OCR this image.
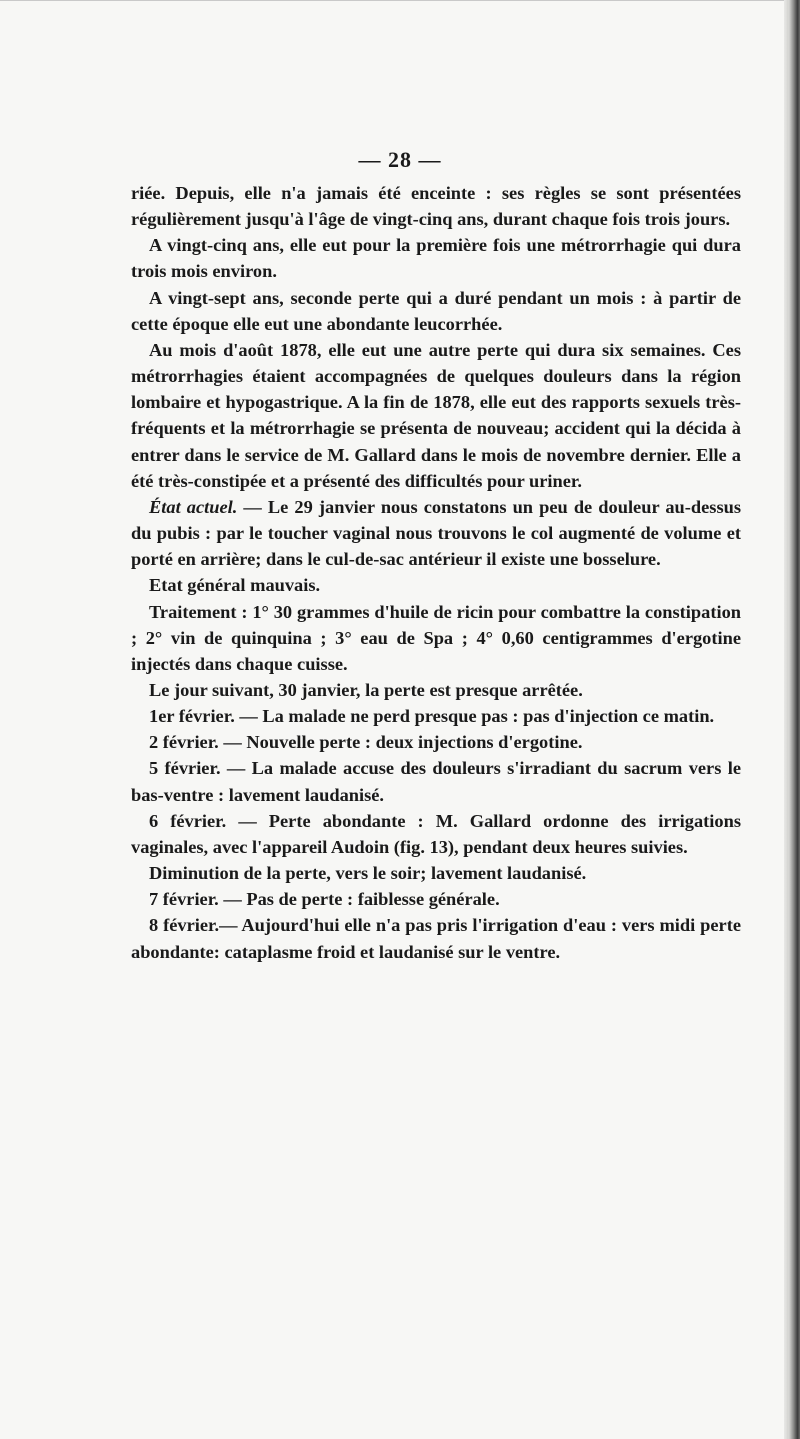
— 28 —

riée. Depuis, elle n'a jamais été enceinte : ses règles se sont présentées régulièrement jusqu'à l'âge de vingt-cinq ans, durant chaque fois trois jours.

A vingt-cinq ans, elle eut pour la première fois une métrorrhagie qui dura trois mois environ.

A vingt-sept ans, seconde perte qui a duré pendant un mois : à partir de cette époque elle eut une abondante leucorrhée.

Au mois d'août 1878, elle eut une autre perte qui dura six semaines. Ces métrorrhagies étaient accompagnées de quelques douleurs dans la région lombaire et hypogastrique. A la fin de 1878, elle eut des rapports sexuels très-fréquents et la métrorrhagie se présenta de nouveau; accident qui la décida à entrer dans le service de M. Gallard dans le mois de novembre dernier. Elle a été très-constipée et a présenté des difficultés pour uriner.

État actuel. — Le 29 janvier nous constatons un peu de douleur au-dessus du pubis : par le toucher vaginal nous trouvons le col augmenté de volume et porté en arrière; dans le cul-de-sac antérieur il existe une bosselure.

Etat général mauvais.

Traitement : 1° 30 grammes d'huile de ricin pour combattre la constipation ; 2° vin de quinquina ; 3° eau de Spa ; 4° 0,60 centigrammes d'ergotine injectés dans chaque cuisse.

Le jour suivant, 30 janvier, la perte est presque arrêtée.

1er février. — La malade ne perd presque pas : pas d'injection ce matin.

2 février. — Nouvelle perte : deux injections d'ergotine.

5 février. — La malade accuse des douleurs s'irradiant du sacrum vers le bas-ventre : lavement laudanisé.

6 février. — Perte abondante : M. Gallard ordonne des irrigations vaginales, avec l'appareil Audoin (fig. 13), pendant deux heures suivies.

Diminution de la perte, vers le soir; lavement laudanisé.

7 février. — Pas de perte : faiblesse générale.

8 février.— Aujourd'hui elle n'a pas pris l'irrigation d'eau : vers midi perte abondante: cataplasme froid et laudanisé sur le ventre.
